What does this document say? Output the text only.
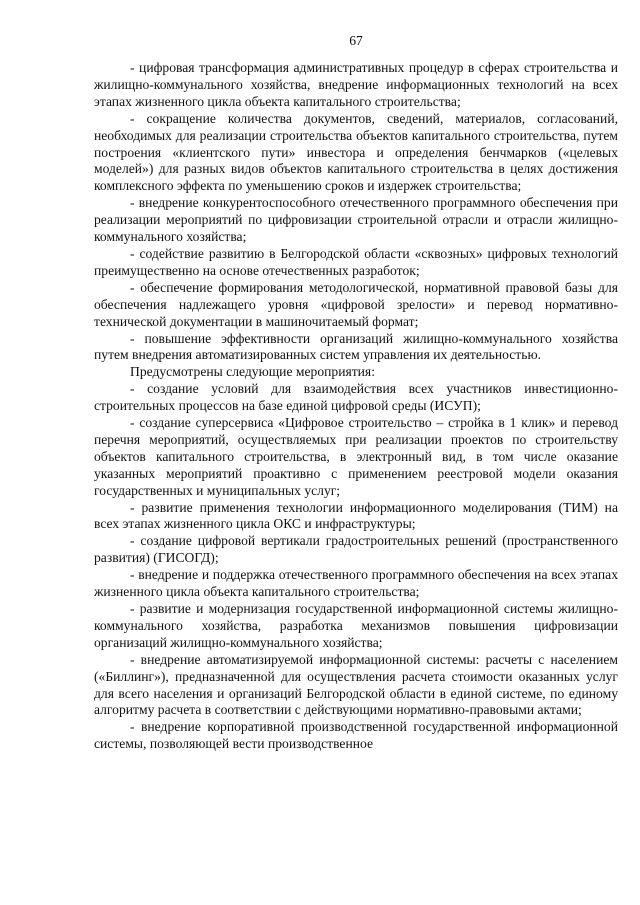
67

- цифровая трансформация административных процедур в сферах строительства и жилищно-коммунального хозяйства, внедрение информационных технологий на всех этапах жизненного цикла объекта капитального строительства;

- сокращение количества документов, сведений, материалов, согласований, необходимых для реализации строительства объектов капитального строительства, путем построения «клиентского пути» инвестора и определения бенчмарков («целевых моделей») для разных видов объектов капитального строительства в целях достижения комплексного эффекта по уменьшению сроков и издержек строительства;

- внедрение конкурентоспособного отечественного программного обеспечения при реализации мероприятий по цифровизации строительной отрасли и отрасли жилищно-коммунального хозяйства;

- содействие развитию в Белгородской области «сквозных» цифровых технологий преимущественно на основе отечественных разработок;

- обеспечение формирования методологической, нормативной правовой базы для обеспечения надлежащего уровня «цифровой зрелости» и перевод нормативно-технической документации в машиночитаемый формат;

- повышение эффективности организаций жилищно-коммунального хозяйства путем внедрения автоматизированных систем управления их деятельностью.

Предусмотрены следующие мероприятия:

- создание условий для взаимодействия всех участников инвестиционно-строительных процессов на базе единой цифровой среды (ИСУП);

- создание суперсервиса «Цифровое строительство – стройка в 1 клик» и перевод перечня мероприятий, осуществляемых при реализации проектов по строительству объектов капитального строительства, в электронный вид, в том числе оказание указанных мероприятий проактивно с применением реестровой модели оказания государственных и муниципальных услуг;

- развитие применения технологии информационного моделирования (ТИМ) на всех этапах жизненного цикла ОКС и инфраструктуры;

- создание цифровой вертикали градостроительных решений (пространственного развития) (ГИСОГД);

- внедрение и поддержка отечественного программного обеспечения на всех этапах жизненного цикла объекта капитального строительства;

- развитие и модернизация государственной информационной системы жилищно-коммунального хозяйства, разработка механизмов повышения цифровизации организаций жилищно-коммунального хозяйства;

- внедрение автоматизируемой информационной системы: расчеты с населением («Биллинг»), предназначенной для осуществления расчета стоимости оказанных услуг для всего населения и организаций Белгородской области в единой системе, по единому алгоритму расчета в соответствии с действующими нормативно-правовыми актами;

- внедрение корпоративной производственной государственной информационной системы, позволяющей вести производственное
